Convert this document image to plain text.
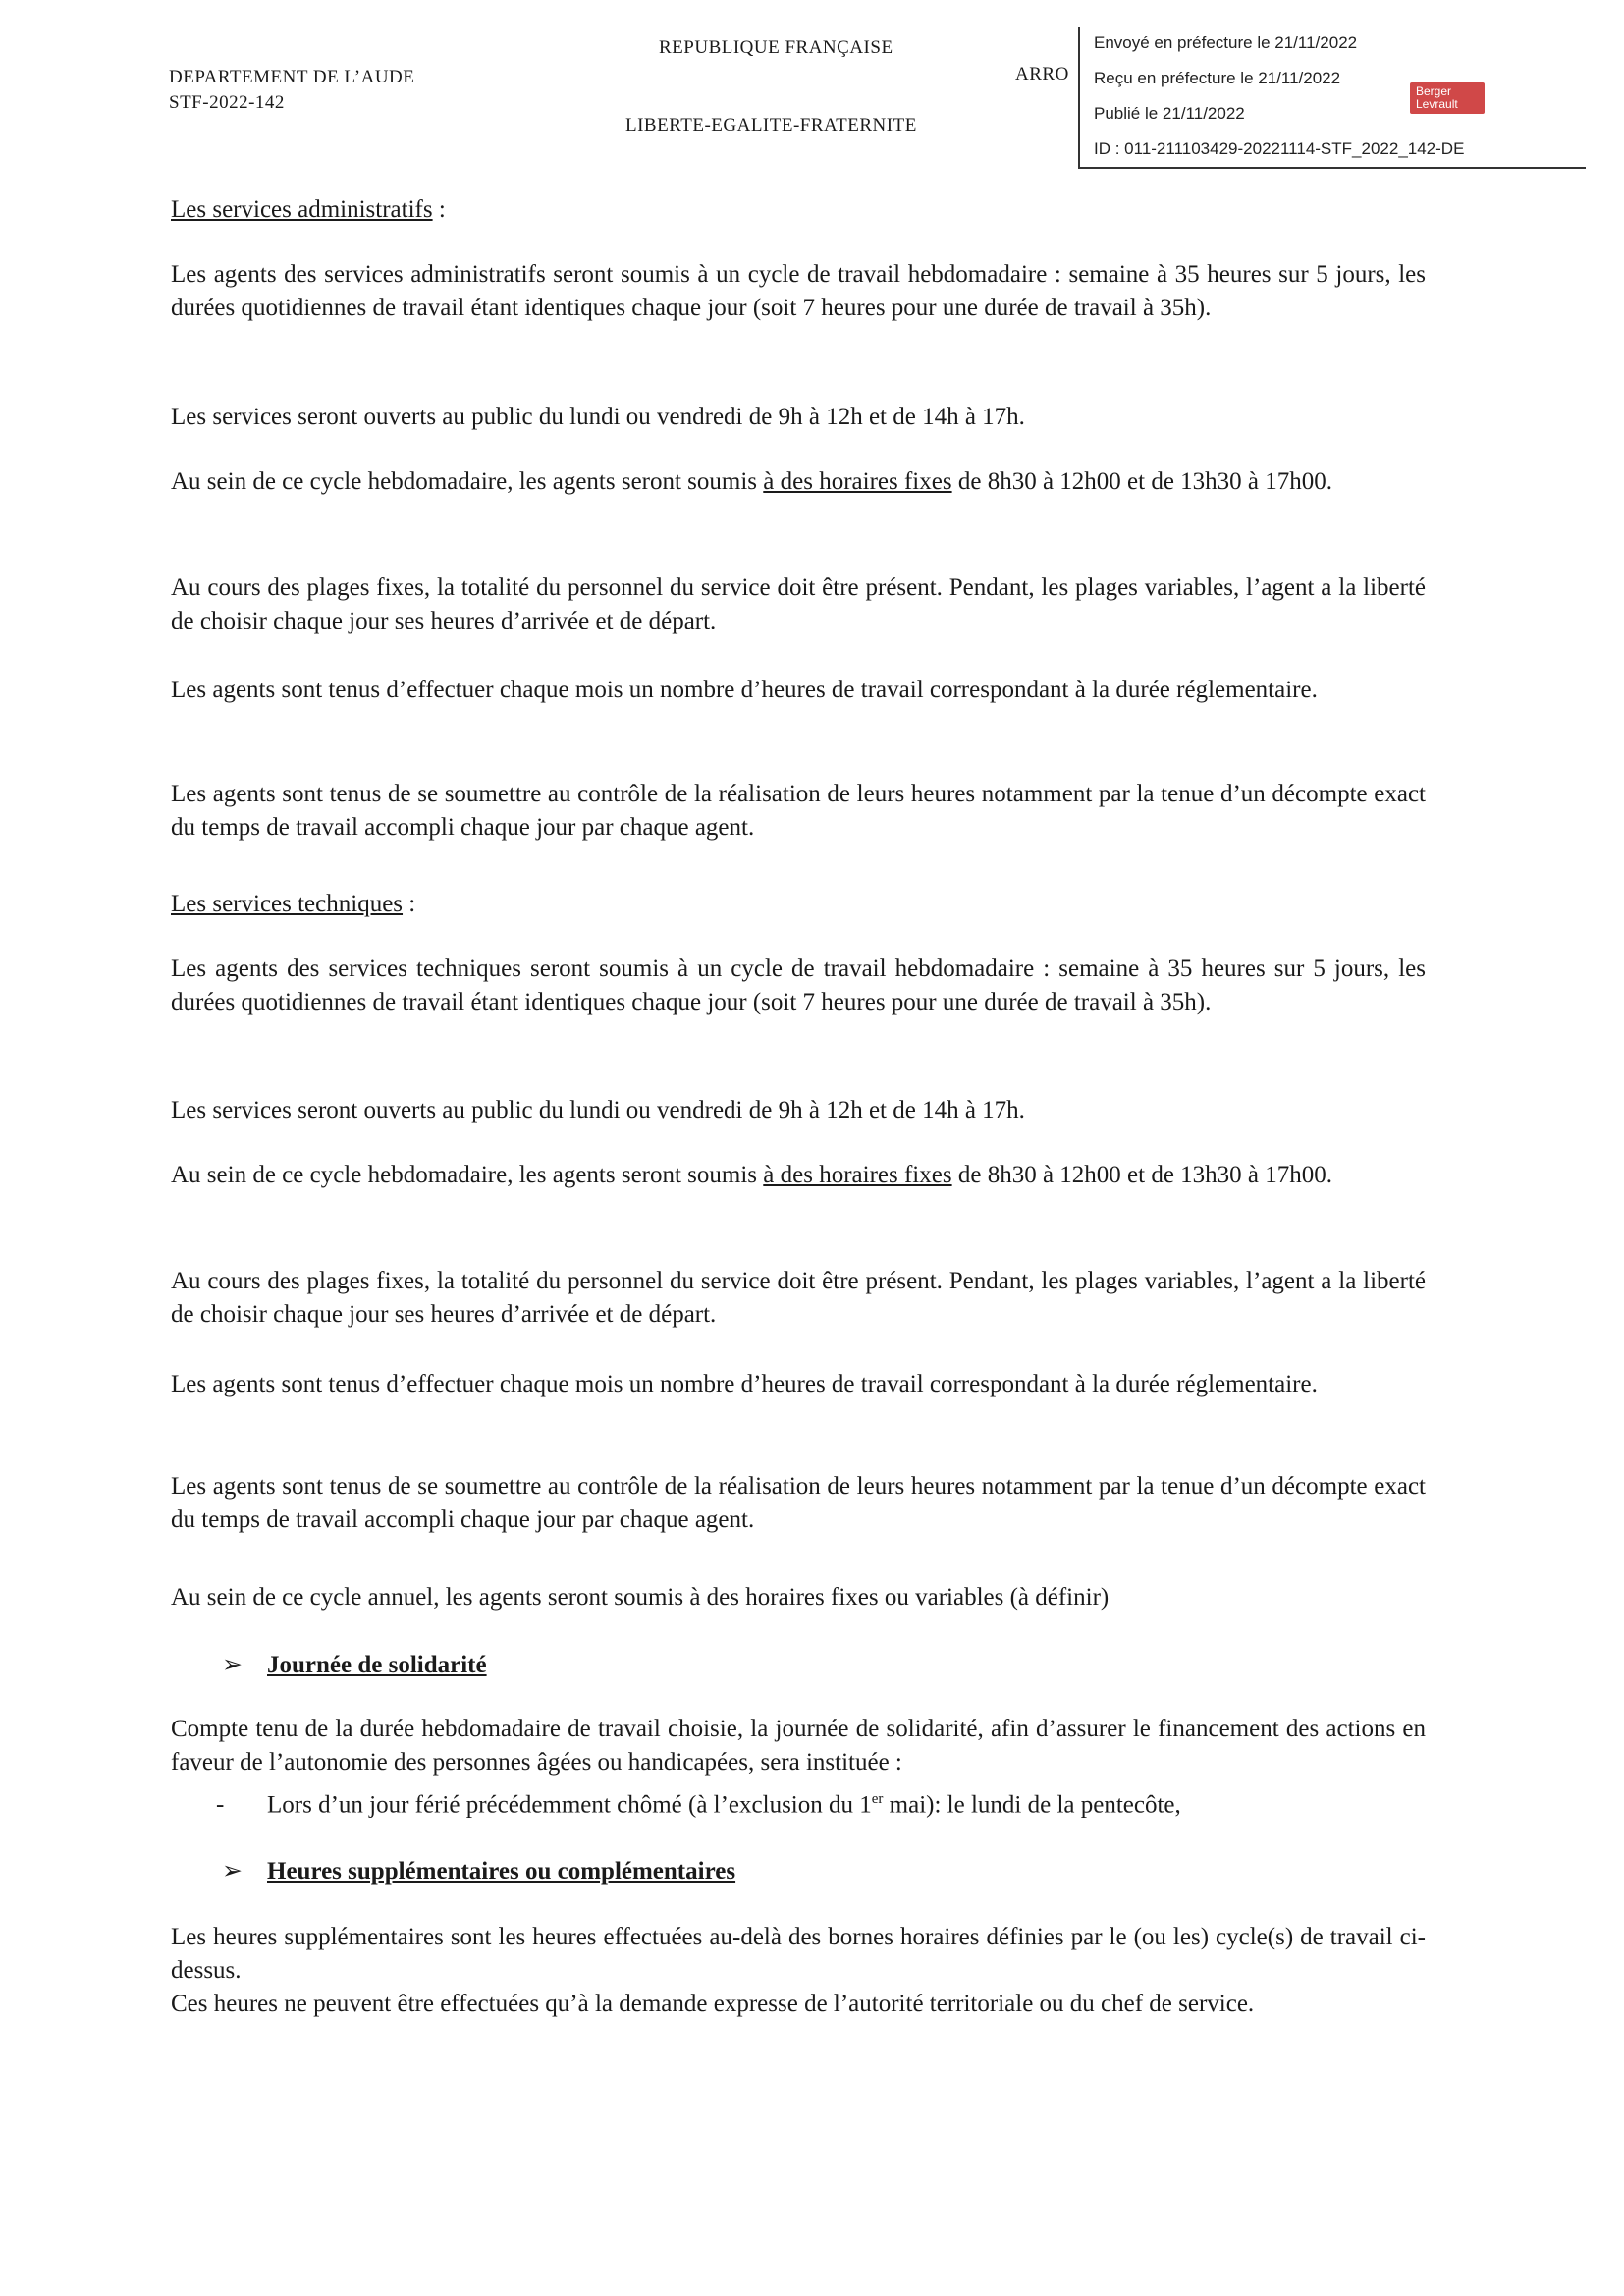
DEPARTEMENT DE L’AUDE
STF-2022-142
REPUBLIQUE FRANÇAISE
LIBERTE-EGALITE-FRATERNITE
ARRO
Envoyé en préfecture le 21/11/2022
Reçu en préfecture le 21/11/2022
Publié le 21/11/2022
ID : 011-211103429-20221114-STF_2022_142-DE
Berger Levrault
Les services administratifs :
Les agents des services administratifs seront soumis à un cycle de travail hebdomadaire : semaine à 35 heures sur 5 jours, les durées quotidiennes de travail étant identiques chaque jour (soit 7 heures pour une durée de travail à 35h).
Les services seront ouverts au public du lundi ou vendredi de 9h à 12h et de 14h à 17h.
Au sein de ce cycle hebdomadaire, les agents seront soumis à des horaires fixes de 8h30 à 12h00 et de 13h30 à 17h00.
Au cours des plages fixes, la totalité du personnel du service doit être présent. Pendant, les plages variables, l’agent a la liberté de choisir chaque jour ses heures d’arrivée et de départ.
Les agents sont tenus d’effectuer chaque mois un nombre d’heures de travail correspondant à la durée réglementaire.
Les agents sont tenus de se soumettre au contrôle de la réalisation de leurs heures notamment par la tenue d’un décompte exact du temps de travail accompli chaque jour par chaque agent.
Les services techniques :
Les agents des services techniques seront soumis à un cycle de travail hebdomadaire : semaine à 35 heures sur 5 jours, les durées quotidiennes de travail étant identiques chaque jour (soit 7 heures pour une durée de travail à 35h).
Les services seront ouverts au public du lundi ou vendredi de 9h à 12h et de 14h à 17h.
Au sein de ce cycle hebdomadaire, les agents seront soumis à des horaires fixes de 8h30 à 12h00 et de 13h30 à 17h00.
Au cours des plages fixes, la totalité du personnel du service doit être présent. Pendant, les plages variables, l’agent a la liberté de choisir chaque jour ses heures d’arrivée et de départ.
Les agents sont tenus d’effectuer chaque mois un nombre d’heures de travail correspondant à la durée réglementaire.
Les agents sont tenus de se soumettre au contrôle de la réalisation de leurs heures notamment par la tenue d’un décompte exact du temps de travail accompli chaque jour par chaque agent.
Au sein de ce cycle annuel, les agents seront soumis à des horaires fixes ou variables (à définir)
➢ Journée de solidarité
Compte tenu de la durée hebdomadaire de travail choisie, la journée de solidarité, afin d’assurer le financement des actions en faveur de l’autonomie des personnes âgées ou handicapées, sera instituée :
- Lors d’un jour férié précédemment chômé (à l’exclusion du 1er mai): le lundi de la pentecôte,
➢ Heures supplémentaires ou complémentaires
Les heures supplémentaires sont les heures effectuées au-delà des bornes horaires définies par le (ou les) cycle(s) de travail ci-dessus.
Ces heures ne peuvent être effectuées qu’à la demande expresse de l’autorité territoriale ou du chef de service.
